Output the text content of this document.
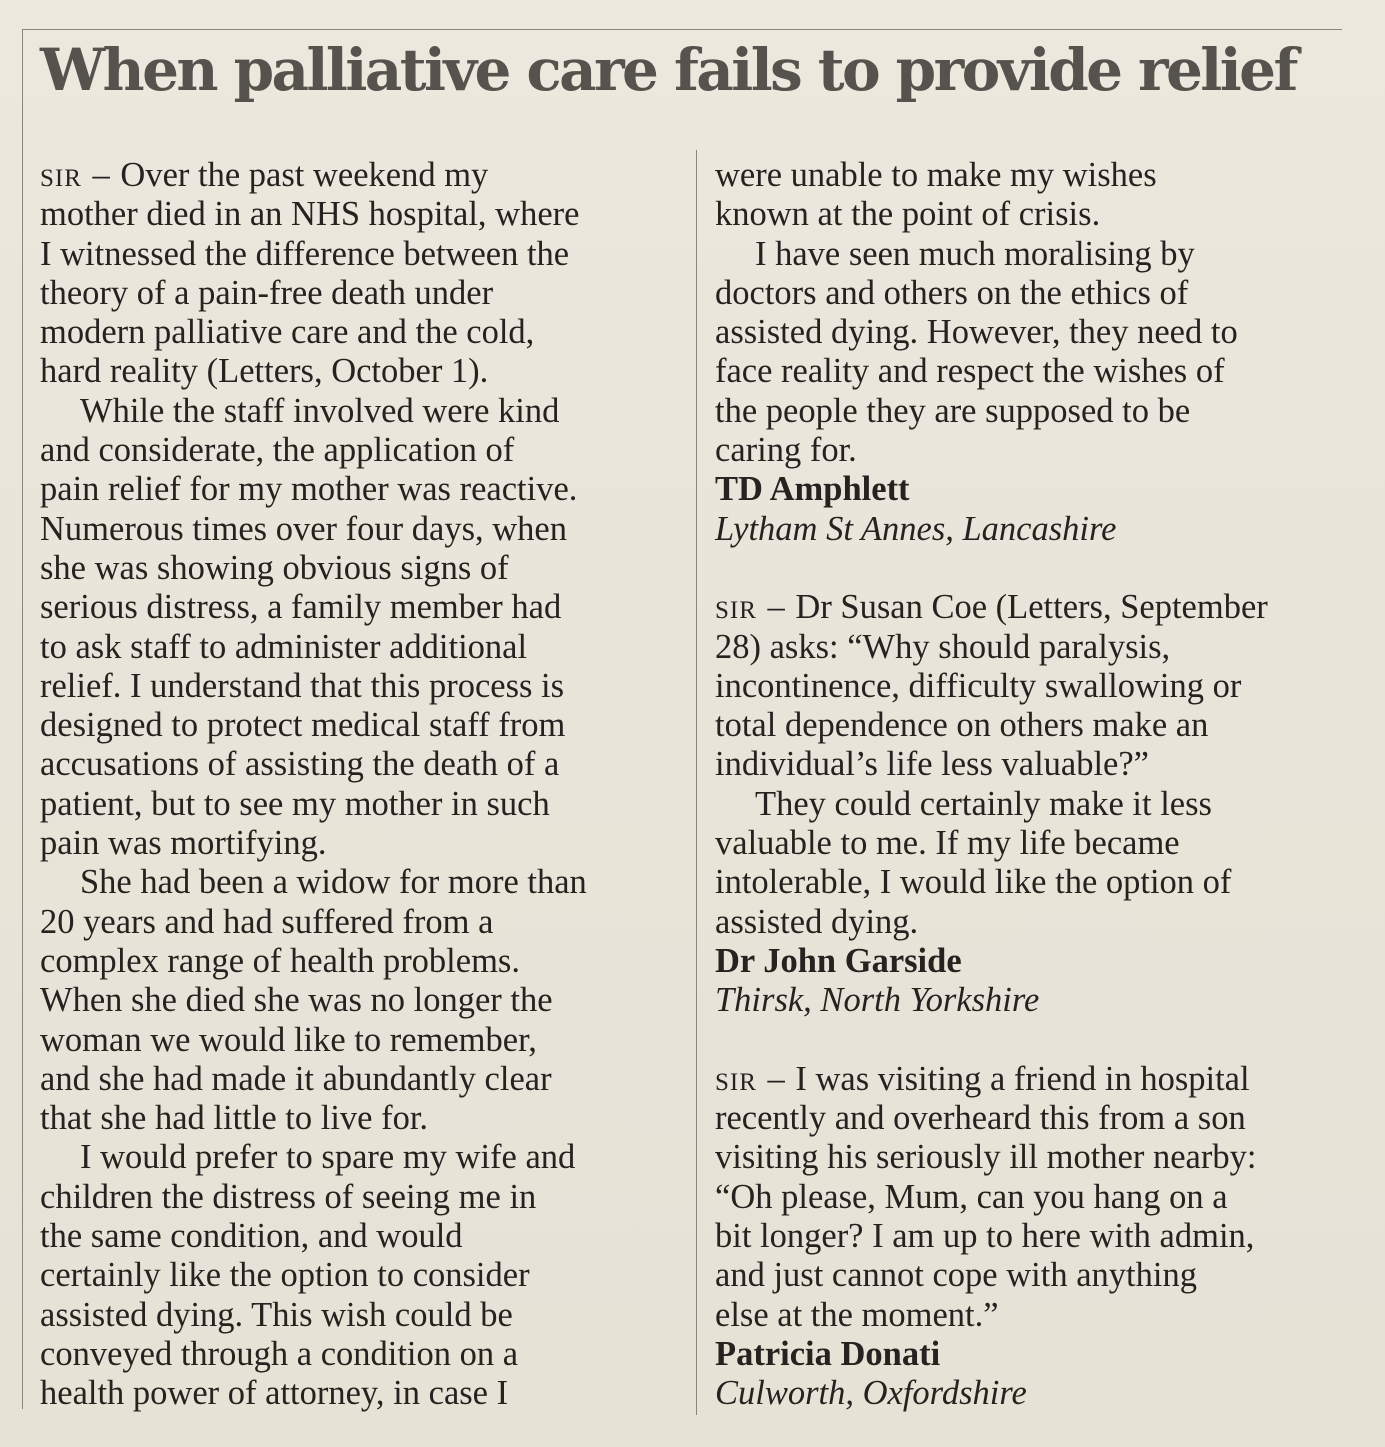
When palliative care fails to provide relief
SIR – Over the past weekend my
mother died in an NHS hospital, where
I witnessed the difference between the
theory of a pain-free death under
modern palliative care and the cold,
hard reality (Letters, October 1).
While the staff involved were kind
and considerate, the application of
pain relief for my mother was reactive.
Numerous times over four days, when
she was showing obvious signs of
serious distress, a family member had
to ask staff to administer additional
relief. I understand that this process is
designed to protect medical staff from
accusations of assisting the death of a
patient, but to see my mother in such
pain was mortifying.
She had been a widow for more than
20 years and had suffered from a
complex range of health problems.
When she died she was no longer the
woman we would like to remember,
and she had made it abundantly clear
that she had little to live for.
I would prefer to spare my wife and
children the distress of seeing me in
the same condition, and would
certainly like the option to consider
assisted dying. This wish could be
conveyed through a condition on a
health power of attorney, in case I
were unable to make my wishes
known at the point of crisis.
I have seen much moralising by
doctors and others on the ethics of
assisted dying. However, they need to
face reality and respect the wishes of
the people they are supposed to be
caring for.
TD Amphlett
Lytham St Annes, Lancashire
SIR – Dr Susan Coe (Letters, September
28) asks: “Why should paralysis,
incontinence, difficulty swallowing or
total dependence on others make an
individual’s life less valuable?”
They could certainly make it less
valuable to me. If my life became
intolerable, I would like the option of
assisted dying.
Dr John Garside
Thirsk, North Yorkshire
SIR – I was visiting a friend in hospital
recently and overheard this from a son
visiting his seriously ill mother nearby:
“Oh please, Mum, can you hang on a
bit longer? I am up to here with admin,
and just cannot cope with anything
else at the moment.”
Patricia Donati
Culworth, Oxfordshire
